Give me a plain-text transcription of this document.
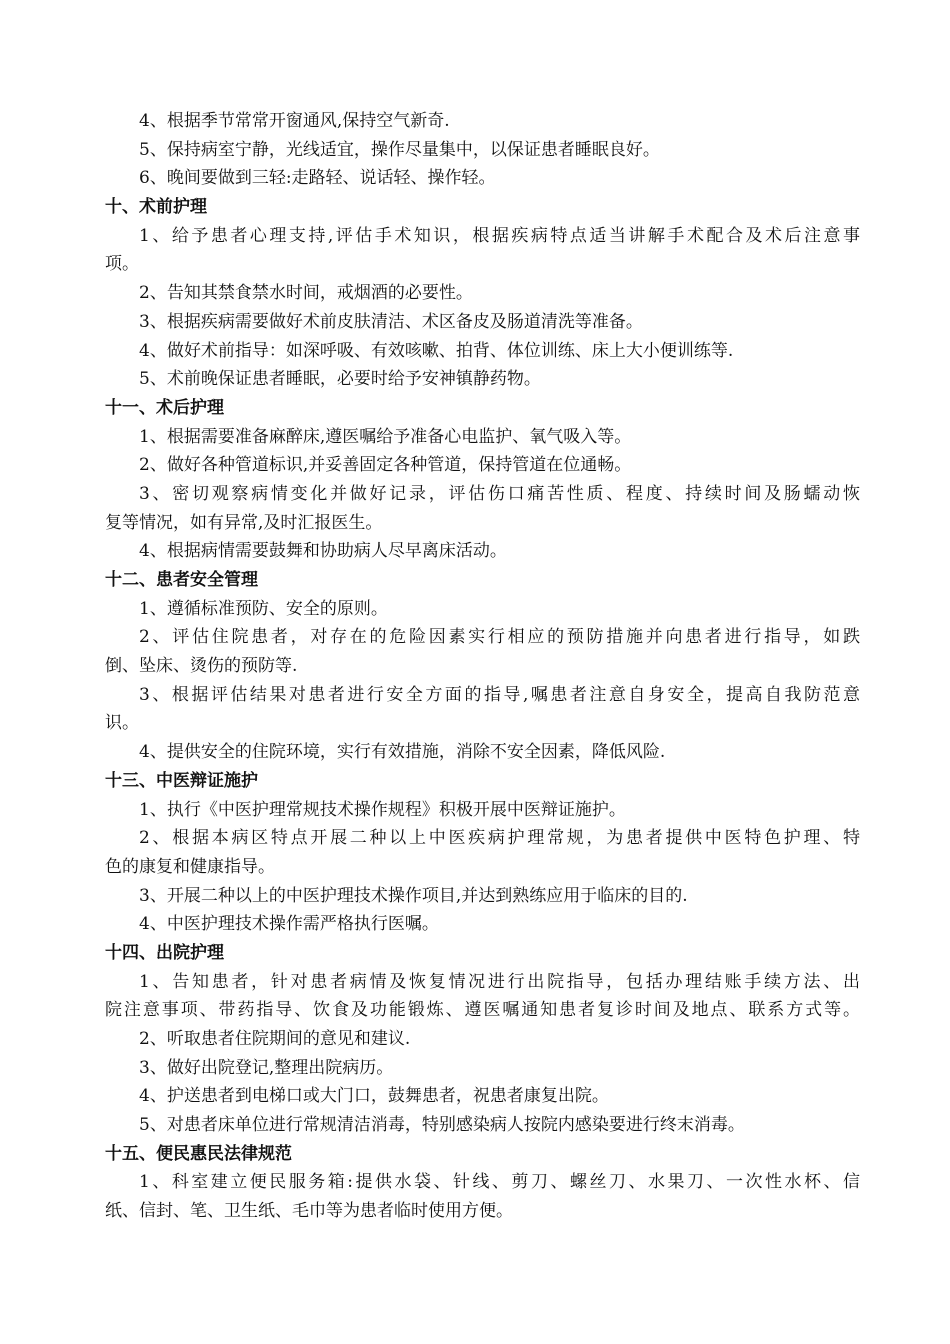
4、根据季节常常开窗通风,保持空气新奇.
5、保持病室宁静，光线适宜，操作尽量集中，以保证患者睡眠良好。
6、晚间要做到三轻:走路轻、说话轻、操作轻。
十、术前护理
1、给予患者心理支持,评估手术知识，根据疾病特点适当讲解手术配合及术后注意事
项。
2、告知其禁食禁水时间，戒烟酒的必要性。
3、根据疾病需要做好术前皮肤清洁、术区备皮及肠道清洗等准备。
4、做好术前指导：如深呼吸、有效咳嗽、拍背、体位训练、床上大小便训练等.
5、术前晚保证患者睡眠，必要时给予安神镇静药物。
十一、术后护理
1、根据需要准备麻醉床,遵医嘱给予准备心电监护、氧气吸入等。
2、做好各种管道标识,并妥善固定各种管道，保持管道在位通畅。
3、密切观察病情变化并做好记录，评估伤口痛苦性质、程度、持续时间及肠蠕动恢
复等情况，如有异常,及时汇报医生。
4、根据病情需要鼓舞和协助病人尽早离床活动。
十二、患者安全管理
1、遵循标准预防、安全的原则。
2、评估住院患者，对存在的危险因素实行相应的预防措施并向患者进行指导，如跌
倒、坠床、烫伤的预防等.
3、根据评估结果对患者进行安全方面的指导,嘱患者注意自身安全，提高自我防范意
识。
4、提供安全的住院环境，实行有效措施，消除不安全因素，降低风险.
十三、中医辩证施护
1、执行《中医护理常规技术操作规程》积极开展中医辩证施护。
2、根据本病区特点开展二种以上中医疾病护理常规，为患者提供中医特色护理、特
色的康复和健康指导。
3、开展二种以上的中医护理技术操作项目,并达到熟练应用于临床的目的.
4、中医护理技术操作需严格执行医嘱。
十四、出院护理
1、告知患者，针对患者病情及恢复情况进行出院指导，包括办理结账手续方法、出
院注意事项、带药指导、饮食及功能锻炼、遵医嘱通知患者复诊时间及地点、联系方式等。
2、听取患者住院期间的意见和建议.
3、做好出院登记,整理出院病历。
4、护送患者到电梯口或大门口，鼓舞患者，祝患者康复出院。
5、对患者床单位进行常规清洁消毒，特别感染病人按院内感染要进行终末消毒。
十五、便民惠民法律规范
1、科室建立便民服务箱:提供水袋、针线、剪刀、螺丝刀、水果刀、一次性水杯、信
纸、信封、笔、卫生纸、毛巾等为患者临时使用方便。
